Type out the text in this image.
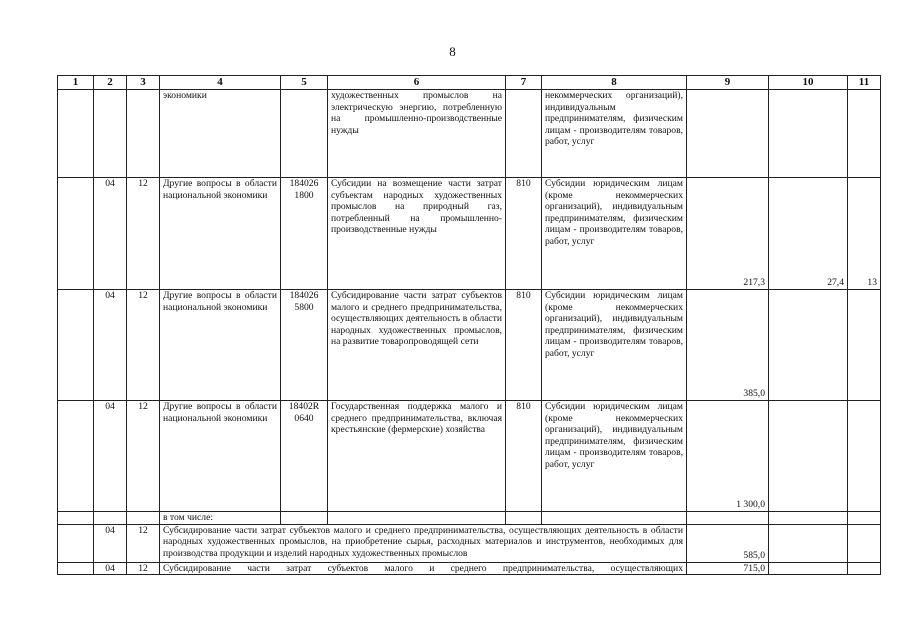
8
1	2	3	4	5	6	7	8	9	10	11
			экономики		художественных промыслов на электрическую энергию, потребленную на промышленно-производственные нужды		некоммерческих организаций), индивидуальным предпринимателям, физическим лицам - производителям товаров, работ, услуг			
	04	12	Другие вопросы в области национальной экономики	184026 1800	Субсидии на возмещение части затрат субъектам народных художественных промыслов на природный газ, потребленный на промышленно-производственные нужды	810	Субсидии юридическим лицам (кроме некоммерческих организаций), индивидуальным предпринимателям, физическим лицам - производителям товаров, работ, услуг	217,3	27,4	13
	04	12	Другие вопросы в области национальной экономики	184026 5800	Субсидирование части затрат субъектов малого и среднего предпринимательства, осуществляющих деятельность в области народных художественных промыслов, на развитие товаропроводящей сети	810	Субсидии юридическим лицам (кроме некоммерческих организаций), индивидуальным предпринимателям, физическим лицам - производителям товаров, работ, услуг	385,0		
	04	12	Другие вопросы в области национальной экономики	18402R 0640	Государственная поддержка малого и среднего предпринимательства, включая крестьянские (фермерские) хозяйства	810	Субсидии юридическим лицам (кроме некоммерческих организаций), индивидуальным предпринимателям, физическим лицам - производителям товаров, работ, услуг	1 300,0		
			в том числе:							
	04	12	Субсидирование части затрат субъектов малого и среднего предпринимательства, осуществляющих деятельность в области народных художественных промыслов, на приобретение сырья, расходных материалов и инструментов, необходимых для производства продукции и изделий народных художественных промыслов					585,0		
	04	12	Субсидирование части затрат субъектов малого и среднего предпринимательства, осуществляющих					715,0		
